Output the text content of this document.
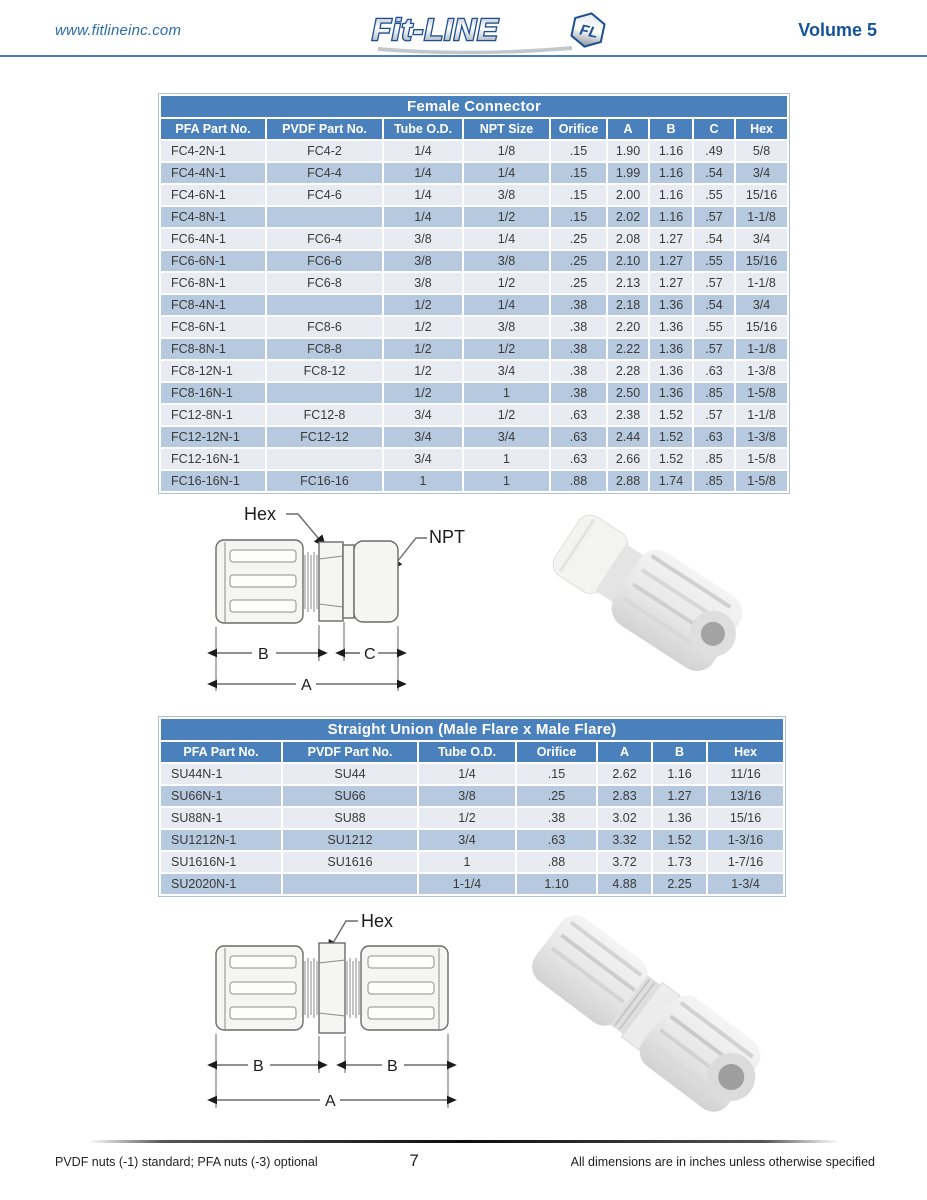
www.fitlineinc.com	Fit-LINE	FL	Volume 5
Female Connector								
PFA Part No.	PVDF Part No.	Tube O.D.	NPT Size	Orifice	A	B	C	Hex
FC4-2N-1	FC4-2	1/4	1/8	.15	1.90	1.16	.49	5/8
FC4-4N-1	FC4-4	1/4	1/4	.15	1.99	1.16	.54	3/4
FC4-6N-1	FC4-6	1/4	3/8	.15	2.00	1.16	.55	15/16
FC4-8N-1		1/4	1/2	.15	2.02	1.16	.57	1-1/8
FC6-4N-1	FC6-4	3/8	1/4	.25	2.08	1.27	.54	3/4
FC6-6N-1	FC6-6	3/8	3/8	.25	2.10	1.27	.55	15/16
FC6-8N-1	FC6-8	3/8	1/2	.25	2.13	1.27	.57	1-1/8
FC8-4N-1		1/2	1/4	.38	2.18	1.36	.54	3/4
FC8-6N-1	FC8-6	1/2	3/8	.38	2.20	1.36	.55	15/16
FC8-8N-1	FC8-8	1/2	1/2	.38	2.22	1.36	.57	1-1/8
FC8-12N-1	FC8-12	1/2	3/4	.38	2.28	1.36	.63	1-3/8
FC8-16N-1		1/2	1	.38	2.50	1.36	.85	1-5/8
FC12-8N-1	FC12-8	3/4	1/2	.63	2.38	1.52	.57	1-1/8
FC12-12N-1	FC12-12	3/4	3/4	.63	2.44	1.52	.63	1-3/8
FC12-16N-1		3/4	1	.63	2.66	1.52	.85	1-5/8
FC16-16N-1	FC16-16	1	1	.88	2.88	1.74	.85	1-5/8
Hex
NPT
B	C
A
Straight Union (Male Flare x Male Flare)						
PFA Part No.	PVDF Part No.	Tube O.D.	Orifice	A	B	Hex
SU44N-1	SU44	1/4	.15	2.62	1.16	11/16
SU66N-1	SU66	3/8	.25	2.83	1.27	13/16
SU88N-1	SU88	1/2	.38	3.02	1.36	15/16
SU1212N-1	SU1212	3/4	.63	3.32	1.52	1-3/16
SU1616N-1	SU1616	1	.88	3.72	1.73	1-7/16
SU2020N-1		1-1/4	1.10	4.88	2.25	1-3/4
Hex
B	B
A
PVDF nuts (-1) standard; PFA nuts (-3) optional	7	All dimensions are in inches unless otherwise specified
